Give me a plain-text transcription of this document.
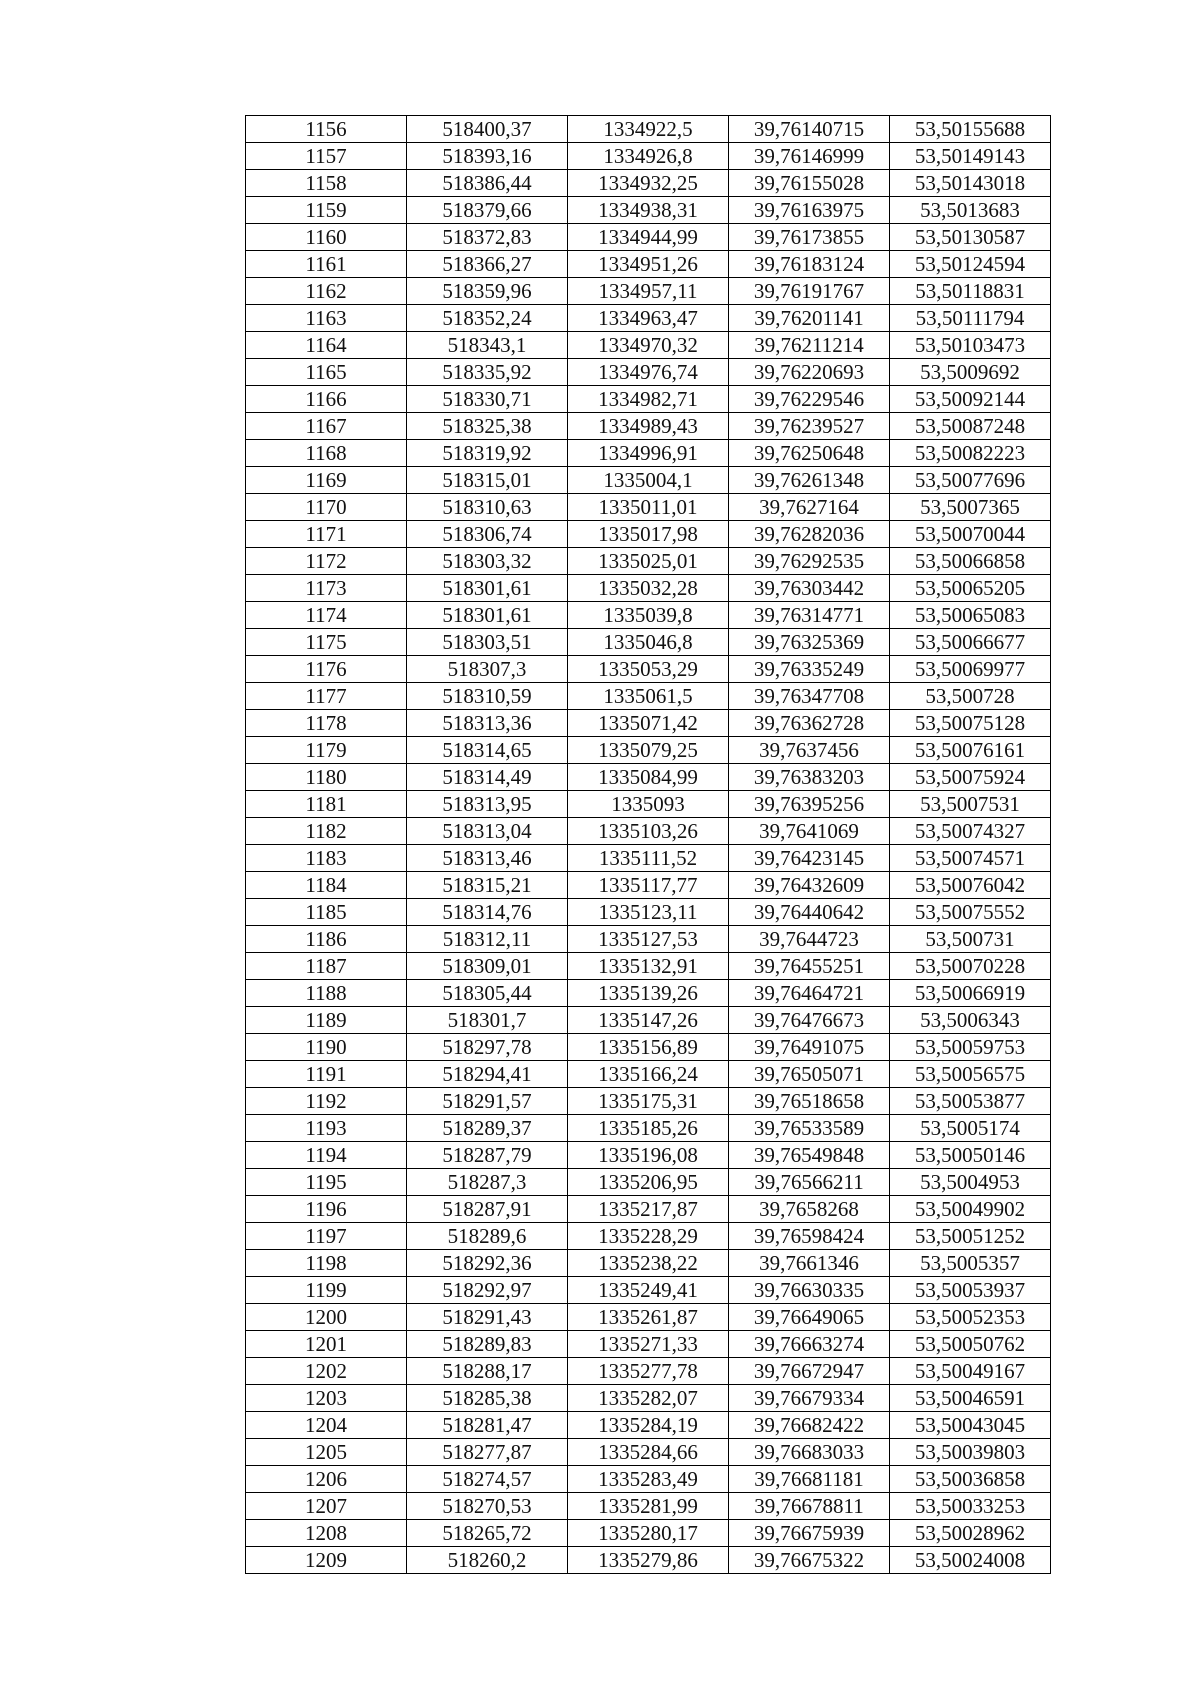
1156	518400,37	1334922,5	39,76140715	53,50155688
1157	518393,16	1334926,8	39,76146999	53,50149143
1158	518386,44	1334932,25	39,76155028	53,50143018
1159	518379,66	1334938,31	39,76163975	53,5013683
1160	518372,83	1334944,99	39,76173855	53,50130587
1161	518366,27	1334951,26	39,76183124	53,50124594
1162	518359,96	1334957,11	39,76191767	53,50118831
1163	518352,24	1334963,47	39,76201141	53,50111794
1164	518343,1	1334970,32	39,76211214	53,50103473
1165	518335,92	1334976,74	39,76220693	53,5009692
1166	518330,71	1334982,71	39,76229546	53,50092144
1167	518325,38	1334989,43	39,76239527	53,50087248
1168	518319,92	1334996,91	39,76250648	53,50082223
1169	518315,01	1335004,1	39,76261348	53,50077696
1170	518310,63	1335011,01	39,7627164	53,5007365
1171	518306,74	1335017,98	39,76282036	53,50070044
1172	518303,32	1335025,01	39,76292535	53,50066858
1173	518301,61	1335032,28	39,76303442	53,50065205
1174	518301,61	1335039,8	39,76314771	53,50065083
1175	518303,51	1335046,8	39,76325369	53,50066677
1176	518307,3	1335053,29	39,76335249	53,50069977
1177	518310,59	1335061,5	39,76347708	53,500728
1178	518313,36	1335071,42	39,76362728	53,50075128
1179	518314,65	1335079,25	39,7637456	53,50076161
1180	518314,49	1335084,99	39,76383203	53,50075924
1181	518313,95	1335093	39,76395256	53,5007531
1182	518313,04	1335103,26	39,7641069	53,50074327
1183	518313,46	1335111,52	39,76423145	53,50074571
1184	518315,21	1335117,77	39,76432609	53,50076042
1185	518314,76	1335123,11	39,76440642	53,50075552
1186	518312,11	1335127,53	39,7644723	53,500731
1187	518309,01	1335132,91	39,76455251	53,50070228
1188	518305,44	1335139,26	39,76464721	53,50066919
1189	518301,7	1335147,26	39,76476673	53,5006343
1190	518297,78	1335156,89	39,76491075	53,50059753
1191	518294,41	1335166,24	39,76505071	53,50056575
1192	518291,57	1335175,31	39,76518658	53,50053877
1193	518289,37	1335185,26	39,76533589	53,5005174
1194	518287,79	1335196,08	39,76549848	53,50050146
1195	518287,3	1335206,95	39,76566211	53,5004953
1196	518287,91	1335217,87	39,7658268	53,50049902
1197	518289,6	1335228,29	39,76598424	53,50051252
1198	518292,36	1335238,22	39,7661346	53,5005357
1199	518292,97	1335249,41	39,76630335	53,50053937
1200	518291,43	1335261,87	39,76649065	53,50052353
1201	518289,83	1335271,33	39,76663274	53,50050762
1202	518288,17	1335277,78	39,76672947	53,50049167
1203	518285,38	1335282,07	39,76679334	53,50046591
1204	518281,47	1335284,19	39,76682422	53,50043045
1205	518277,87	1335284,66	39,76683033	53,50039803
1206	518274,57	1335283,49	39,76681181	53,50036858
1207	518270,53	1335281,99	39,76678811	53,50033253
1208	518265,72	1335280,17	39,76675939	53,50028962
1209	518260,2	1335279,86	39,76675322	53,50024008
